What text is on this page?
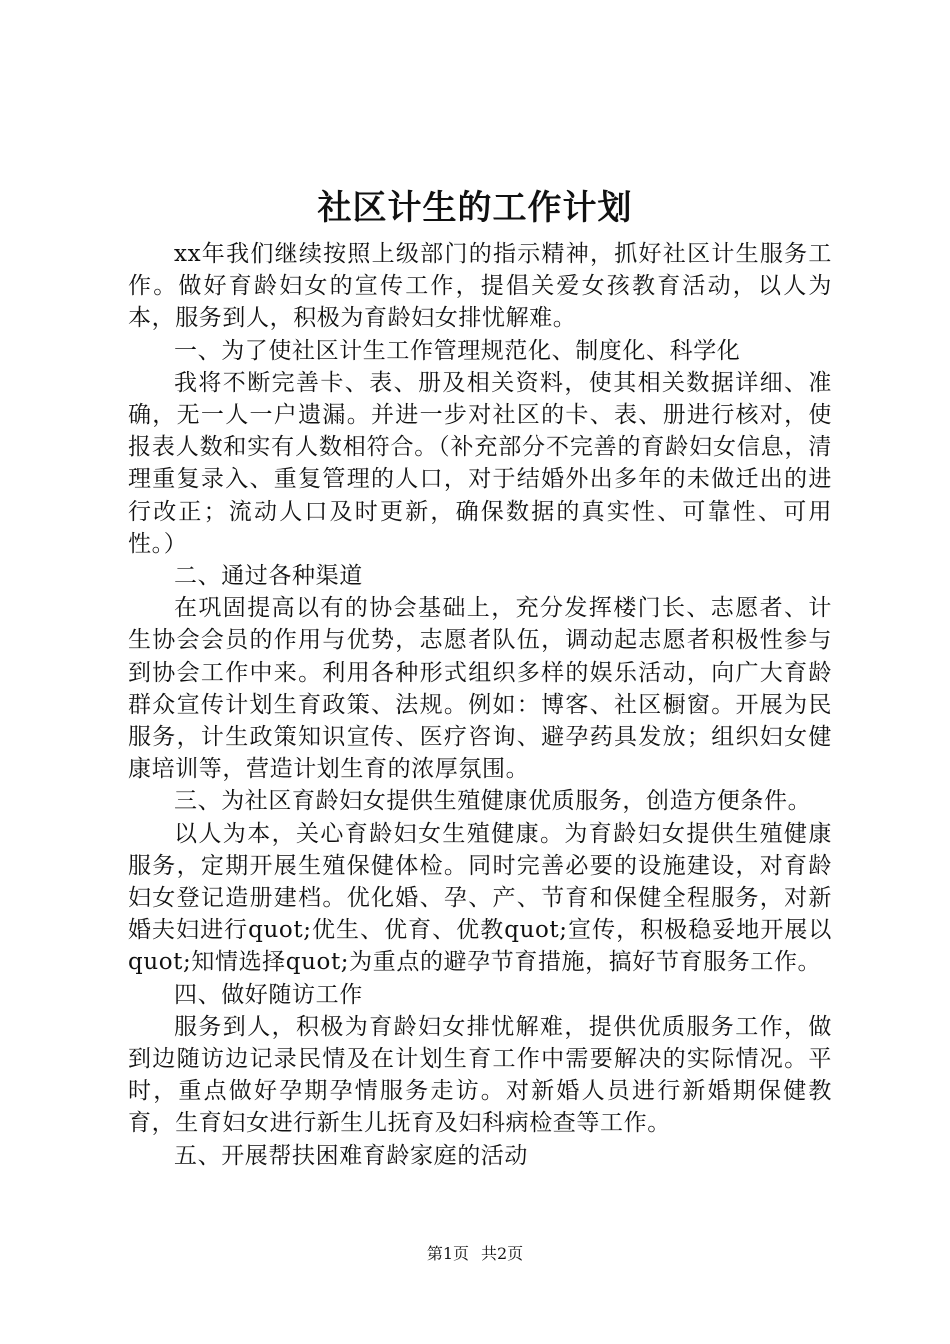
社区计生的工作计划

xx年我们继续按照上级部门的指示精神，抓好社区计生服务工作。做好育龄妇女的宣传工作，提倡关爱女孩教育活动，以人为本，服务到人，积极为育龄妇女排忧解难。

一、为了使社区计生工作管理规范化、制度化、科学化

我将不断完善卡、表、册及相关资料，使其相关数据详细、准确，无一人一户遗漏。并进一步对社区的卡、表、册进行核对，使报表人数和实有人数相符合。（补充部分不完善的育龄妇女信息，清理重复录入、重复管理的人口，对于结婚外出多年的未做迁出的进行改正；流动人口及时更新，确保数据的真实性、可靠性、可用性。）

二、通过各种渠道

在巩固提高以有的协会基础上，充分发挥楼门长、志愿者、计生协会会员的作用与优势，志愿者队伍，调动起志愿者积极性参与到协会工作中来。利用各种形式组织多样的娱乐活动，向广大育龄群众宣传计划生育政策、法规。例如：博客、社区橱窗。开展为民服务，计生政策知识宣传、医疗咨询、避孕药具发放；组织妇女健康培训等，营造计划生育的浓厚氛围。

三、为社区育龄妇女提供生殖健康优质服务，创造方便条件。

以人为本，关心育龄妇女生殖健康。为育龄妇女提供生殖健康服务，定期开展生殖保健体检。同时完善必要的设施建设，对育龄妇女登记造册建档。优化婚、孕、产、节育和保健全程服务，对新婚夫妇进行quot;优生、优育、优教quot;宣传，积极稳妥地开展以quot;知情选择quot;为重点的避孕节育措施，搞好节育服务工作。

四、做好随访工作

服务到人，积极为育龄妇女排忧解难，提供优质服务工作，做到边随访边记录民情及在计划生育工作中需要解决的实际情况。平时，重点做好孕期孕情服务走访。对新婚人员进行新婚期保健教育，生育妇女进行新生儿抚育及妇科病检查等工作。

五、开展帮扶困难育龄家庭的活动

第1页 共2页
